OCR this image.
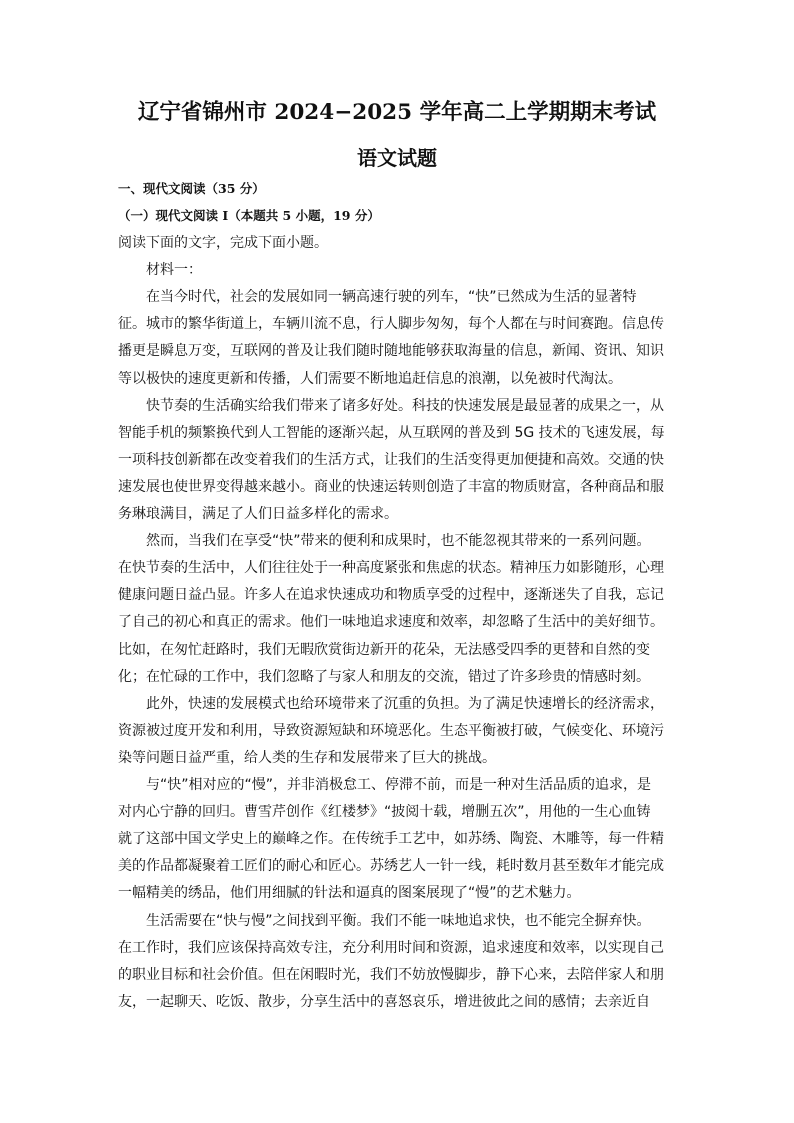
辽宁省锦州市 2024−2025 学年高二上学期期末考试
语文试题
一、现代文阅读（35 分）
（一）现代文阅读 Ⅰ（本题共 5 小题，19 分）
阅读下面的文字，完成下面小题。
　　材料一：
　　在当今时代，社会的发展如同一辆高速行驶的列车，“快”已然成为生活的显著特
征。城市的繁华街道上，车辆川流不息，行人脚步匆匆，每个人都在与时间赛跑。信息传
播更是瞬息万变，互联网的普及让我们随时随地能够获取海量的信息，新闻、资讯、知识
等以极快的速度更新和传播，人们需要不断地追赶信息的浪潮，以免被时代淘汰。
　　快节奏的生活确实给我们带来了诸多好处。科技的快速发展是最显著的成果之一，从
智能手机的频繁换代到人工智能的逐渐兴起，从互联网的普及到 5G 技术的飞速发展，每
一项科技创新都在改变着我们的生活方式，让我们的生活变得更加便捷和高效。交通的快
速发展也使世界变得越来越小。商业的快速运转则创造了丰富的物质财富，各种商品和服
务琳琅满目，满足了人们日益多样化的需求。
　　然而，当我们在享受“快”带来的便利和成果时，也不能忽视其带来的一系列问题。
在快节奏的生活中，人们往往处于一种高度紧张和焦虑的状态。精神压力如影随形，心理
健康问题日益凸显。许多人在追求快速成功和物质享受的过程中，逐渐迷失了自我，忘记
了自己的初心和真正的需求。他们一味地追求速度和效率，却忽略了生活中的美好细节。
比如，在匆忙赶路时，我们无暇欣赏街边新开的花朵，无法感受四季的更替和自然的变
化；在忙碌的工作中，我们忽略了与家人和朋友的交流，错过了许多珍贵的情感时刻。
　　此外，快速的发展模式也给环境带来了沉重的负担。为了满足快速增长的经济需求，
资源被过度开发和利用，导致资源短缺和环境恶化。生态平衡被打破，气候变化、环境污
染等问题日益严重，给人类的生存和发展带来了巨大的挑战。
　　与“快”相对应的“慢”，并非消极怠工、停滞不前，而是一种对生活品质的追求，是
对内心宁静的回归。曹雪芹创作《红楼梦》“披阅十载，增删五次”，用他的一生心血铸
就了这部中国文学史上的巅峰之作。在传统手工艺中，如苏绣、陶瓷、木雕等，每一件精
美的作品都凝聚着工匠们的耐心和匠心。苏绣艺人一针一线，耗时数月甚至数年才能完成
一幅精美的绣品，他们用细腻的针法和逼真的图案展现了“慢”的艺术魅力。
　　生活需要在“快与慢”之间找到平衡。我们不能一味地追求快，也不能完全摒弃快。
在工作时，我们应该保持高效专注，充分利用时间和资源，追求速度和效率，以实现自己
的职业目标和社会价值。但在闲暇时光，我们不妨放慢脚步，静下心来，去陪伴家人和朋
友，一起聊天、吃饭、散步，分享生活中的喜怒哀乐，增进彼此之间的感情；去亲近自
